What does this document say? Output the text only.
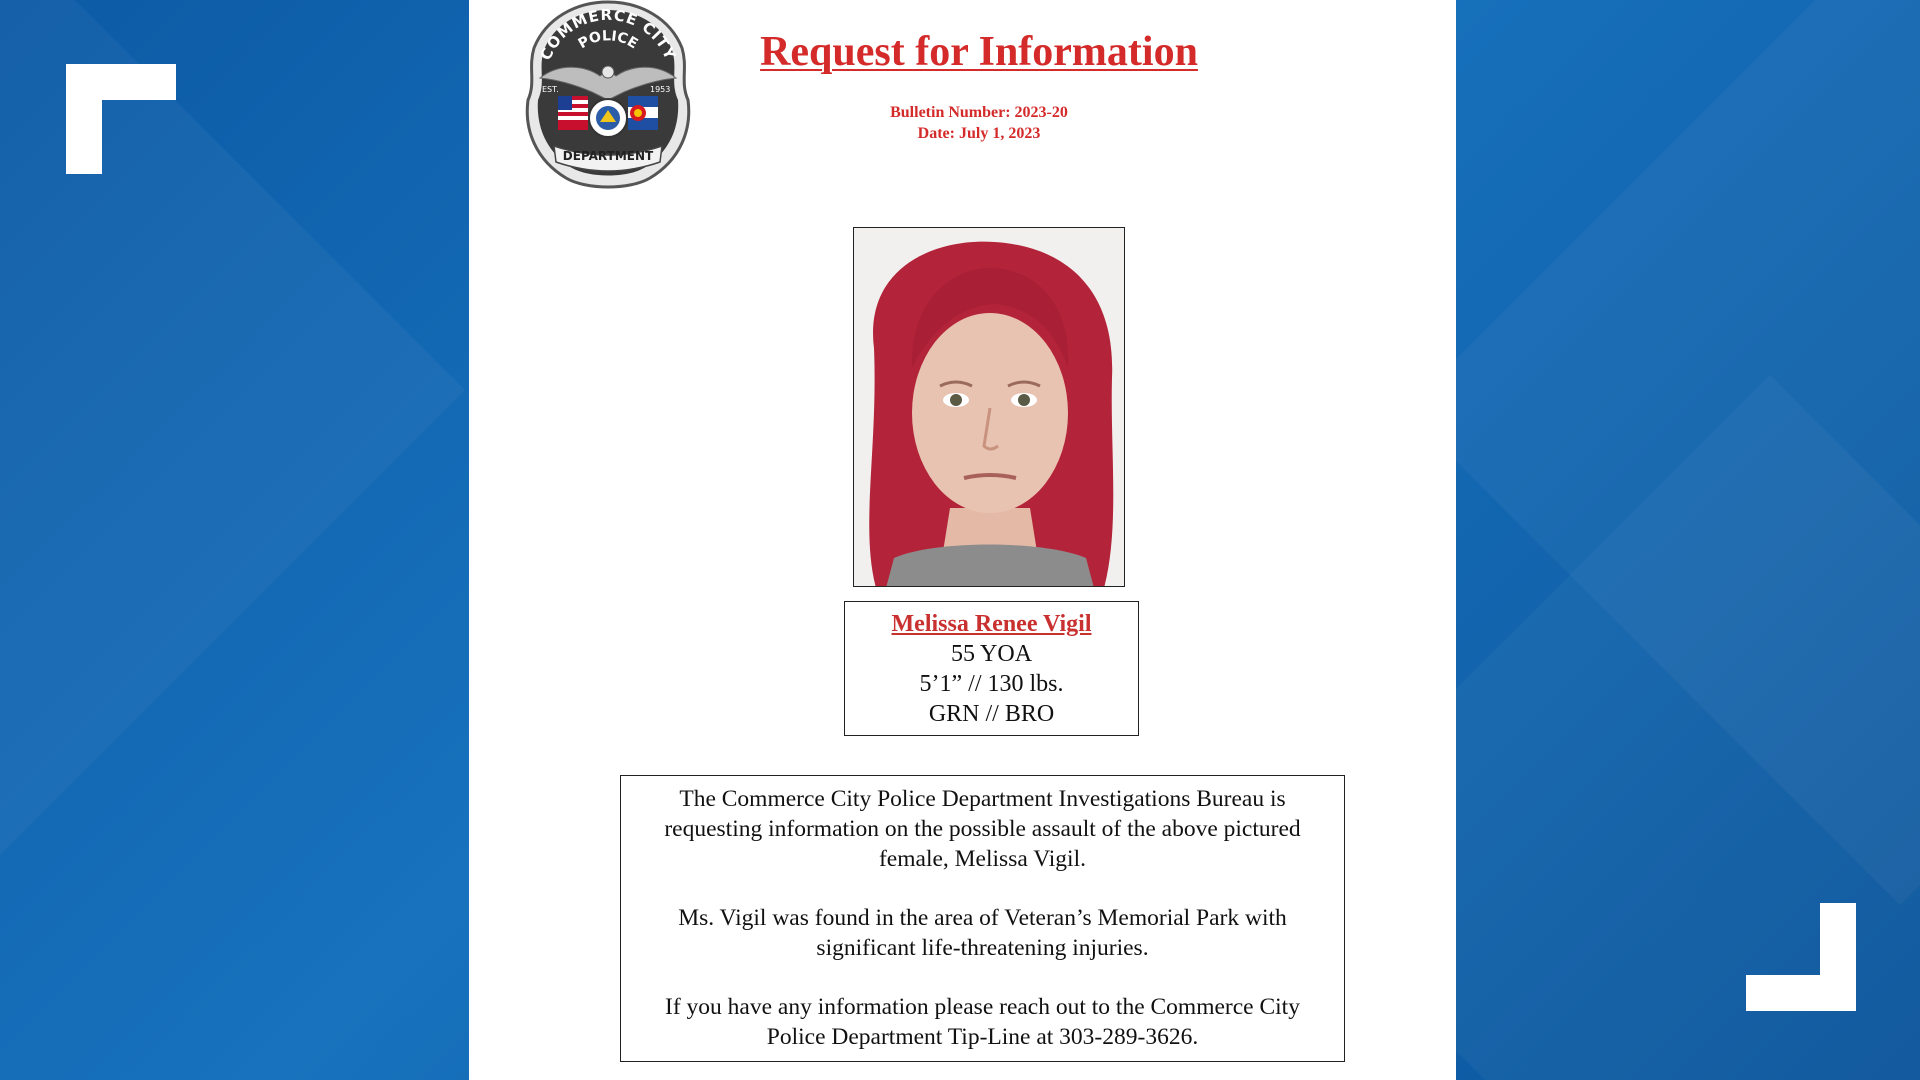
COMMERCE CITY
POLICE
EST.	1953
DEPARTMENT
Request for Information
Bulletin Number: 2023-20
Date: July 1, 2023
Melissa Renee Vigil
55 YOA
5’1” // 130 lbs.
GRN // BRO

The Commerce City Police Department Investigations Bureau is requesting information on the possible assault of the above pictured female, Melissa Vigil.

Ms. Vigil was found in the area of Veteran’s Memorial Park with significant life-threatening injuries.

If you have any information please reach out to the Commerce City Police Department Tip-Line at 303-289-3626.
